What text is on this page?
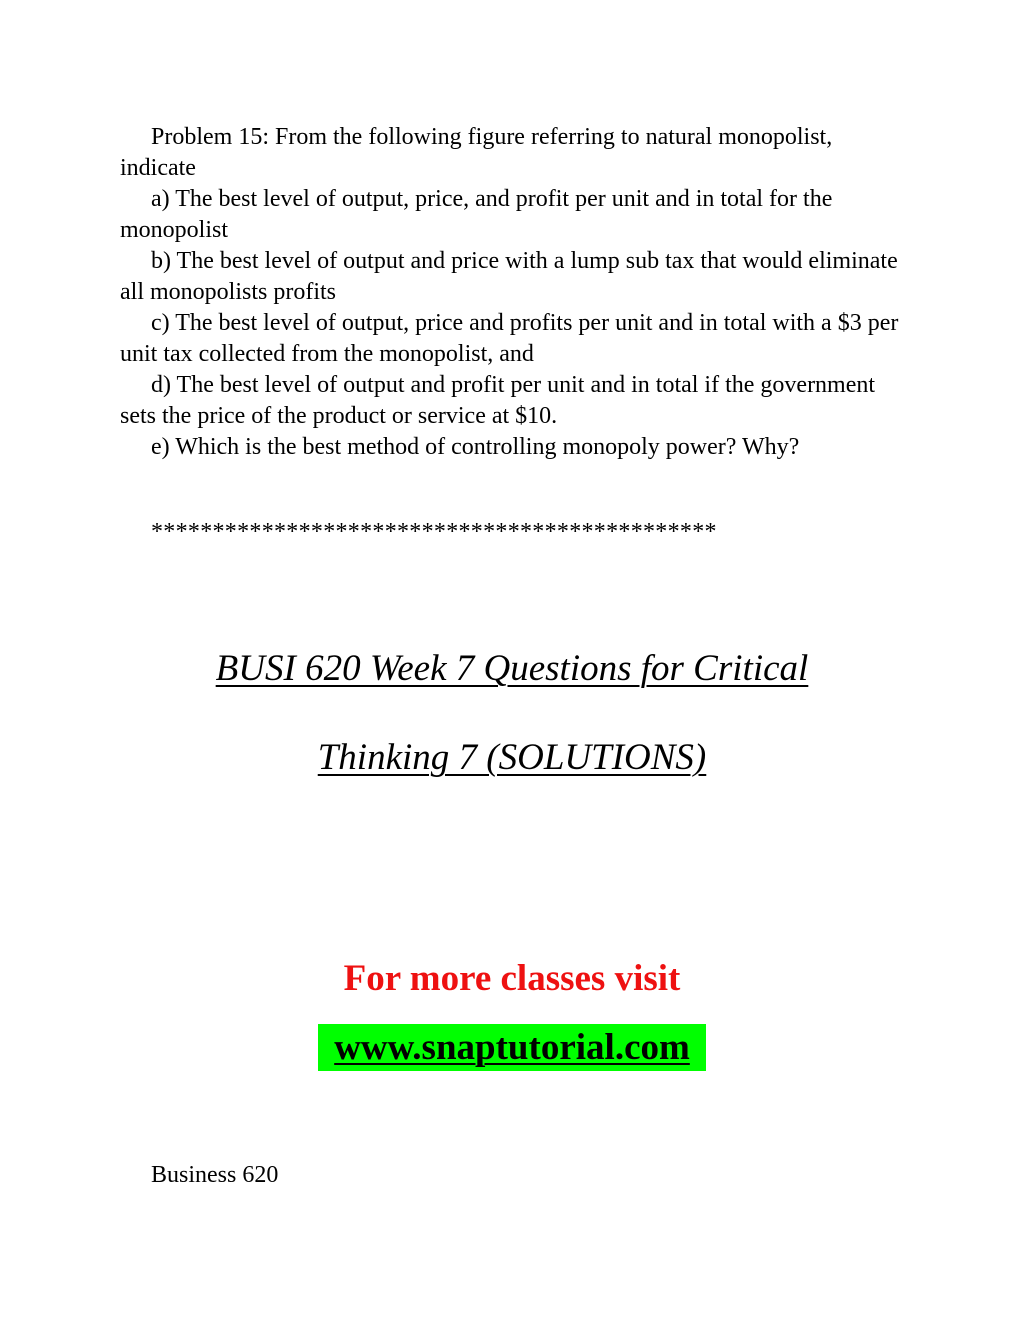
Problem 15: From the following figure referring to natural monopolist, indicate

a) The best level of output, price, and profit per unit and in total for the monopolist

b) The best level of output and price with a lump sub tax that would eliminate all monopolists profits

c) The best level of output, price and profits per unit and in total with a $3 per unit tax collected from the monopolist, and

d) The best level of output and profit per unit and in total if the government sets the price of the product or service at $10.

e) Which is the best method of controlling monopoly power? Why?

**********************************************
BUSI 620 Week 7 Questions for Critical
Thinking 7 (SOLUTIONS)
For more classes visit
www.snaptutorial.com
Business 620
